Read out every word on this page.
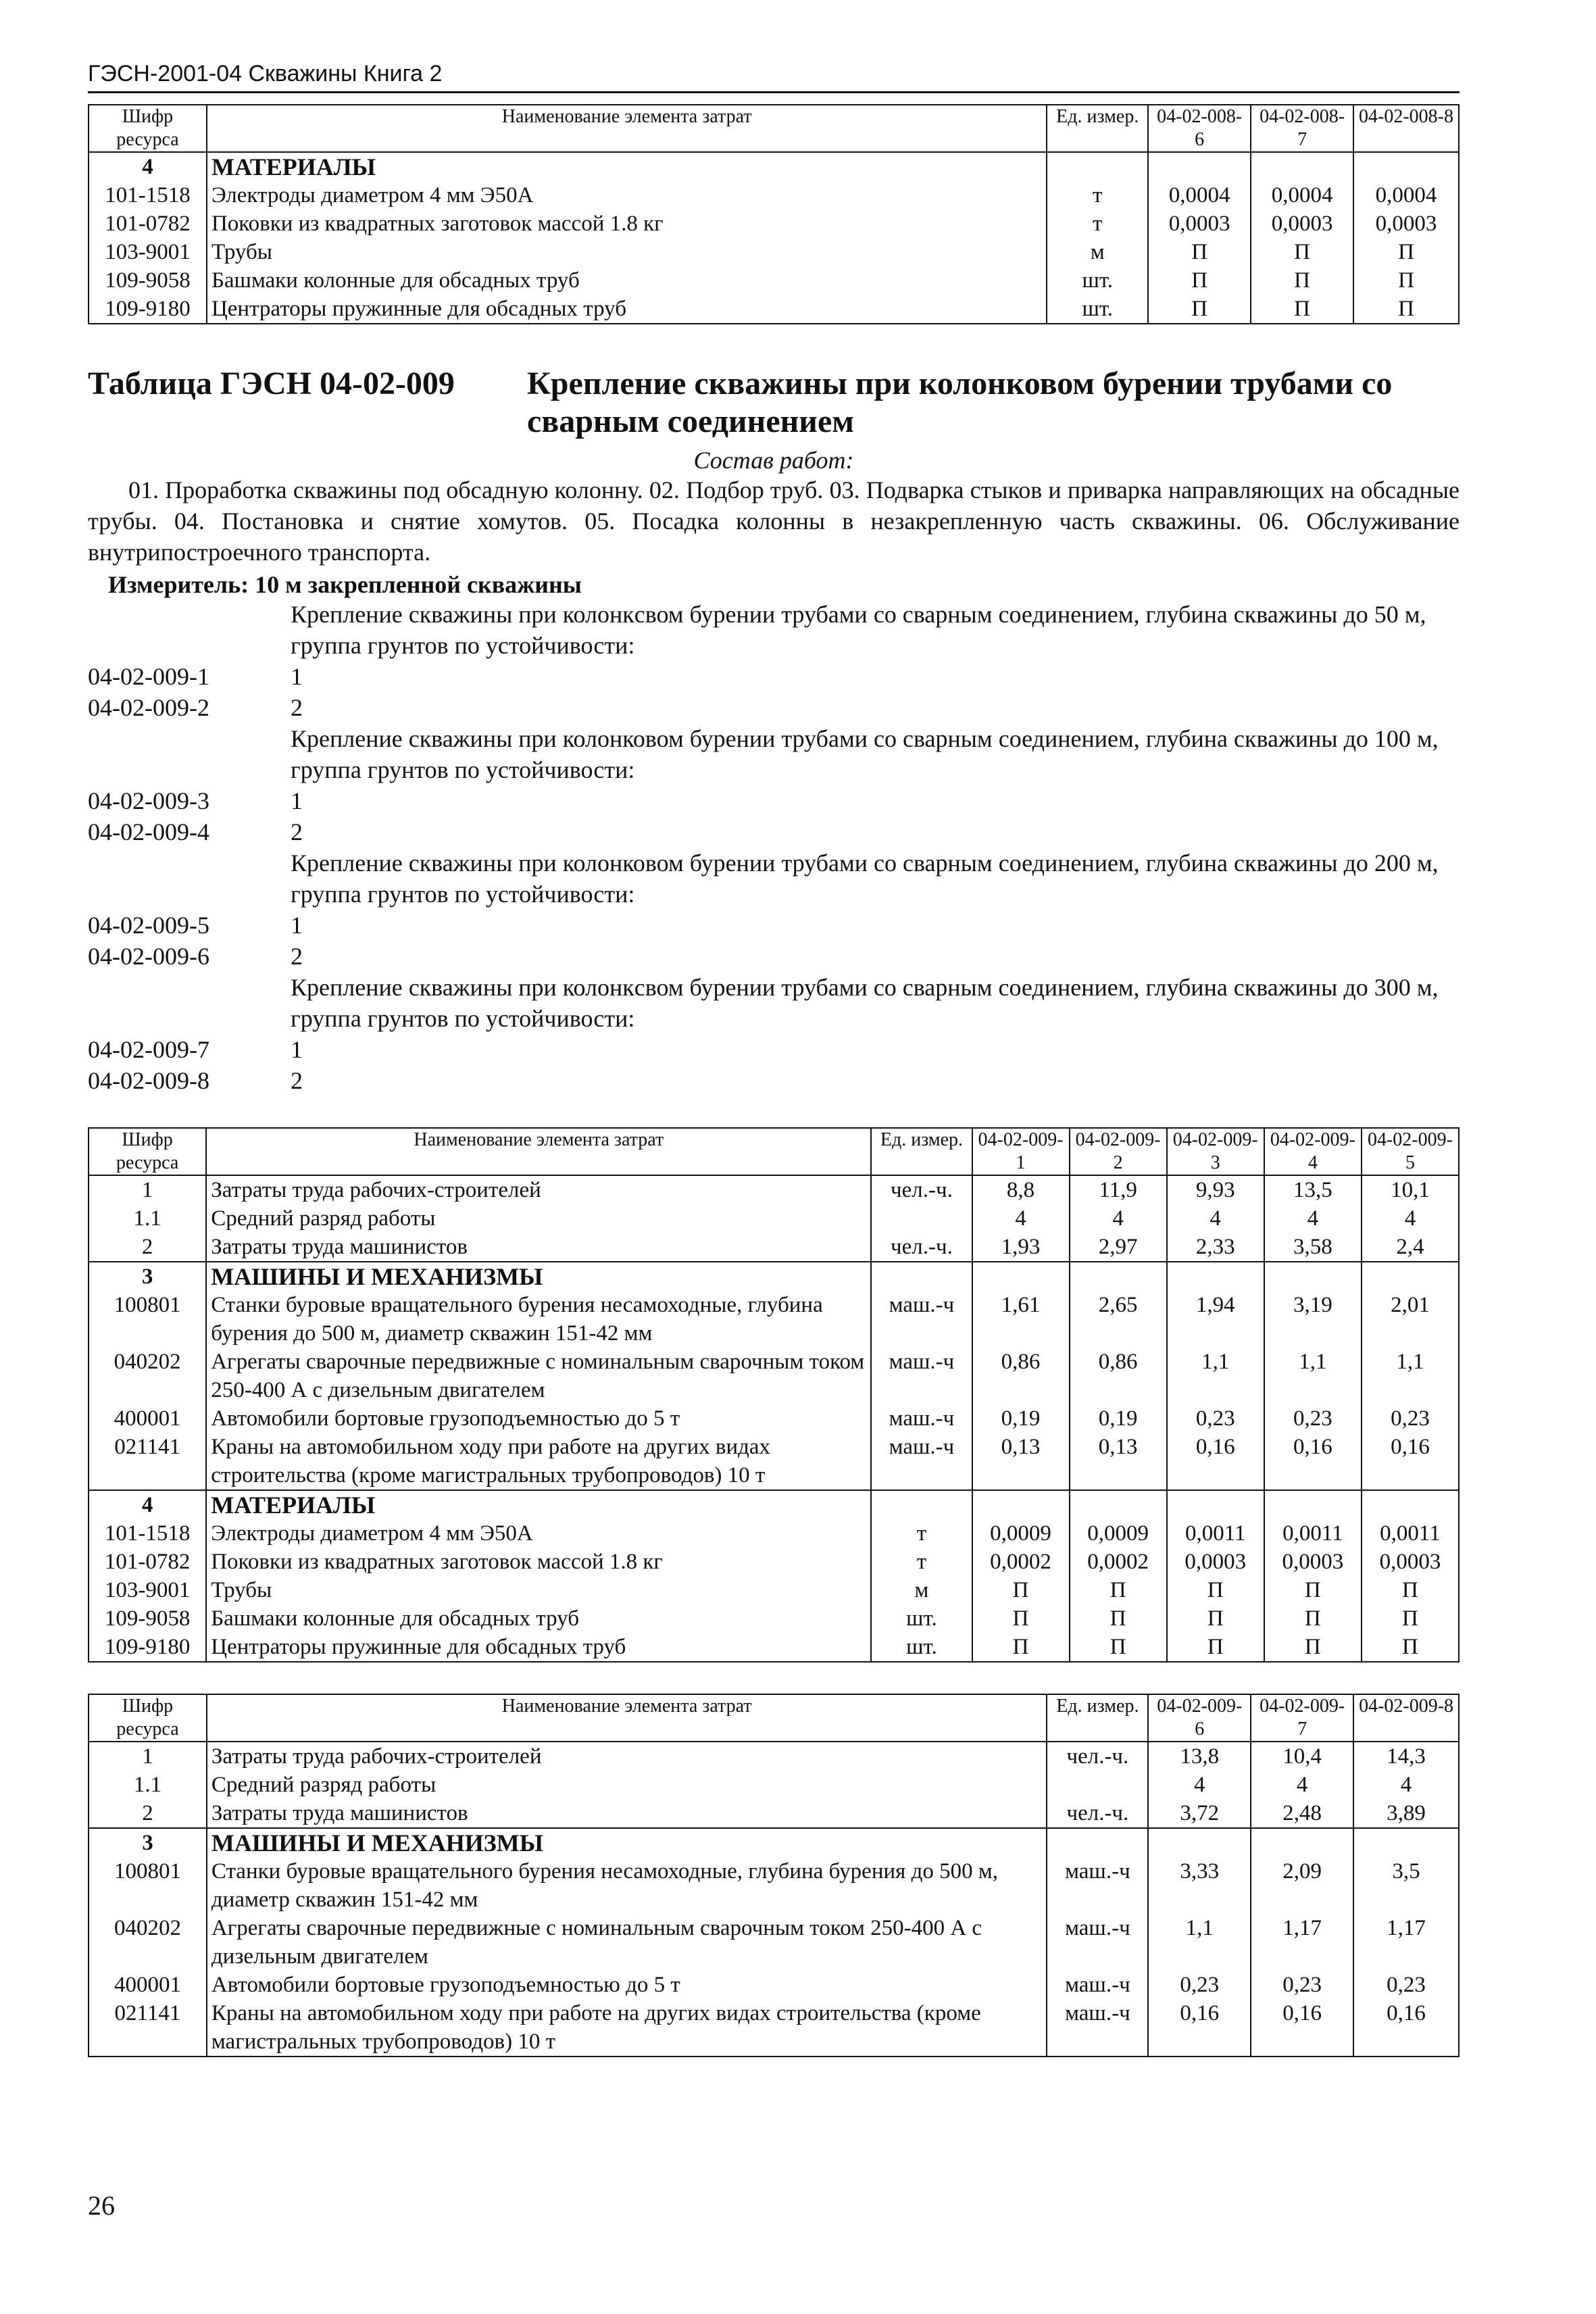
ГЭСН-2001-04 Скважины Книга 2
Шифр ресурса	Наименование элемента затрат	Ед. измер.	04-02-008-6	04-02-008-7	04-02-008-8
4	МАТЕРИАЛЫ				
101-1518	Электроды диаметром 4 мм Э50А	т	0,0004	0,0004	0,0004
101-0782	Поковки из квадратных заготовок массой 1.8 кг	т	0,0003	0,0003	0,0003
103-9001	Трубы	м	П	П	П
109-9058	Башмаки колонные для обсадных труб	шт.	П	П	П
109-9180	Центраторы пружинные для обсадных труб	шт.	П	П	П
Таблица ГЭСН 04-02-009	Крепление скважины при колонковом бурении трубами со сварным соединением
Состав работ:
01. Проработка скважины под обсадную колонну. 02. Подбор труб. 03. Подварка стыков и приварка направляющих на обсадные трубы. 04. Постановка и снятие хомутов. 05. Посадка колонны в незакрепленную часть скважины. 06. Обслуживание внутрипостроечного транспорта.
Измеритель: 10 м закрепленной скважины
Крепление скважины при колонкcвом бурении трубами со сварным соединением, глубина скважины до 50 м, группа грунтов по устойчивости:
04-02-009-1	1
04-02-009-2	2
Крепление скважины при колонковом бурении трубами со сварным соединением, глубина скважины до 100 м, группа грунтов по устойчивости:
04-02-009-3	1
04-02-009-4	2
Крепление скважины при колонковом бурении трубами со сварным соединением, глубина скважины до 200 м, группа грунтов по устойчивости:
04-02-009-5	1
04-02-009-6	2
Крепление скважины при колонкcвом бурении трубами со сварным соединением, глубина скважины до 300 м, группа грунтов по устойчивости:
04-02-009-7	1
04-02-009-8	2
Шифр ресурса	Наименование элемента затрат	Ед. измер.	04-02-009-1	04-02-009-2	04-02-009-3	04-02-009-4	04-02-009-5
1	Затраты труда рабочих-строителей	чел.-ч.	8,8	11,9	9,93	13,5	10,1
1.1	Средний разряд работы		4	4	4	4	4
2	Затраты труда машинистов	чел.-ч.	1,93	2,97	2,33	3,58	2,4
3	МАШИНЫ И МЕХАНИЗМЫ						
100801	Станки буровые вращательного бурения несамоходные, глубина бурения до 500 м, диаметр скважин 151-42 мм	маш.-ч	1,61	2,65	1,94	3,19	2,01
040202	Агрегаты сварочные передвижные с номинальным сварочным током 250-400 А с дизельным двигателем	маш.-ч	0,86	0,86	1,1	1,1	1,1
400001	Автомобили бортовые грузоподъемностью до 5 т	маш.-ч	0,19	0,19	0,23	0,23	0,23
021141	Краны на автомобильном ходу при работе на других видах строительства (кроме магистральных трубопроводов) 10 т	маш.-ч	0,13	0,13	0,16	0,16	0,16
4	МАТЕРИАЛЫ						
101-1518	Электроды диаметром 4 мм Э50А	т	0,0009	0,0009	0,0011	0,0011	0,0011
101-0782	Поковки из квадратных заготовок массой 1.8 кг	т	0,0002	0,0002	0,0003	0,0003	0,0003
103-9001	Трубы	м	П	П	П	П	П
109-9058	Башмаки колонные для обсадных труб	шт.	П	П	П	П	П
109-9180	Центраторы пружинные для обсадных труб	шт.	П	П	П	П	П
Шифр ресурса	Наименование элемента затрат	Ед. измер.	04-02-009-6	04-02-009-7	04-02-009-8
1	Затраты труда рабочих-строителей	чел.-ч.	13,8	10,4	14,3
1.1	Средний разряд работы		4	4	4
2	Затраты труда машинистов	чел.-ч.	3,72	2,48	3,89
3	МАШИНЫ И МЕХАНИЗМЫ				
100801	Станки буровые вращательного бурения несамоходные, глубина бурения до 500 м, диаметр скважин 151-42 мм	маш.-ч	3,33	2,09	3,5
040202	Агрегаты сварочные передвижные с номинальным сварочным током 250-400 А с дизельным двигателем	маш.-ч	1,1	1,17	1,17
400001	Автомобили бортовые грузоподъемностью до 5 т	маш.-ч	0,23	0,23	0,23
021141	Краны на автомобильном ходу при работе на других видах строительства (кроме магистральных трубопроводов) 10 т	маш.-ч	0,16	0,16	0,16
26
